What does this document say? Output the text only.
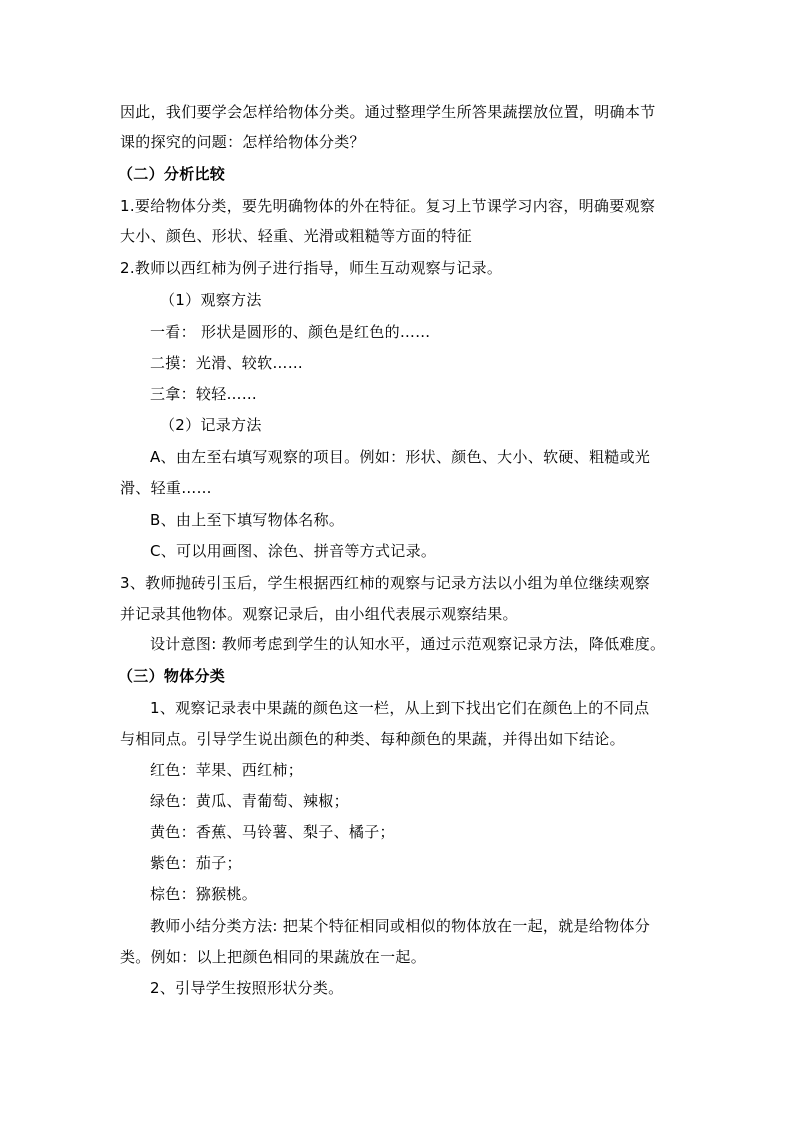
因此，我们要学会怎样给物体分类。通过整理学生所答果蔬摆放位置，明确本节
课的探究的问题：怎样给物体分类？
（二）分析比较
1.要给物体分类，要先明确物体的外在特征。复习上节课学习内容，明确要观察
大小、颜色、形状、轻重、光滑或粗糙等方面的特征
2.教师以西红柿为例子进行指导，师生互动观察与记录。
（1）观察方法
一看： 形状是圆形的、颜色是红色的……
二摸：光滑、较软……
三拿：较轻……
（2）记录方法
A、由左至右填写观察的项目。例如：形状、颜色、大小、软硬、粗糙或光
滑、轻重……
B、由上至下填写物体名称。
C、可以用画图、涂色、拼音等方式记录。
3、教师抛砖引玉后，学生根据西红柿的观察与记录方法以小组为单位继续观察
并记录其他物体。观察记录后，由小组代表展示观察结果。
设计意图: 教师考虑到学生的认知水平，通过示范观察记录方法，降低难度。
（三）物体分类
1、观察记录表中果蔬的颜色这一栏，从上到下找出它们在颜色上的不同点
与相同点。引导学生说出颜色的种类、每种颜色的果蔬，并得出如下结论。
红色：苹果、西红柿；
绿色：黄瓜、青葡萄、辣椒；
黄色：香蕉、马铃薯、梨子、橘子；
紫色：茄子；
棕色：猕猴桃。
教师小结分类方法: 把某个特征相同或相似的物体放在一起，就是给物体分
类。例如：以上把颜色相同的果蔬放在一起。
2、引导学生按照形状分类。
